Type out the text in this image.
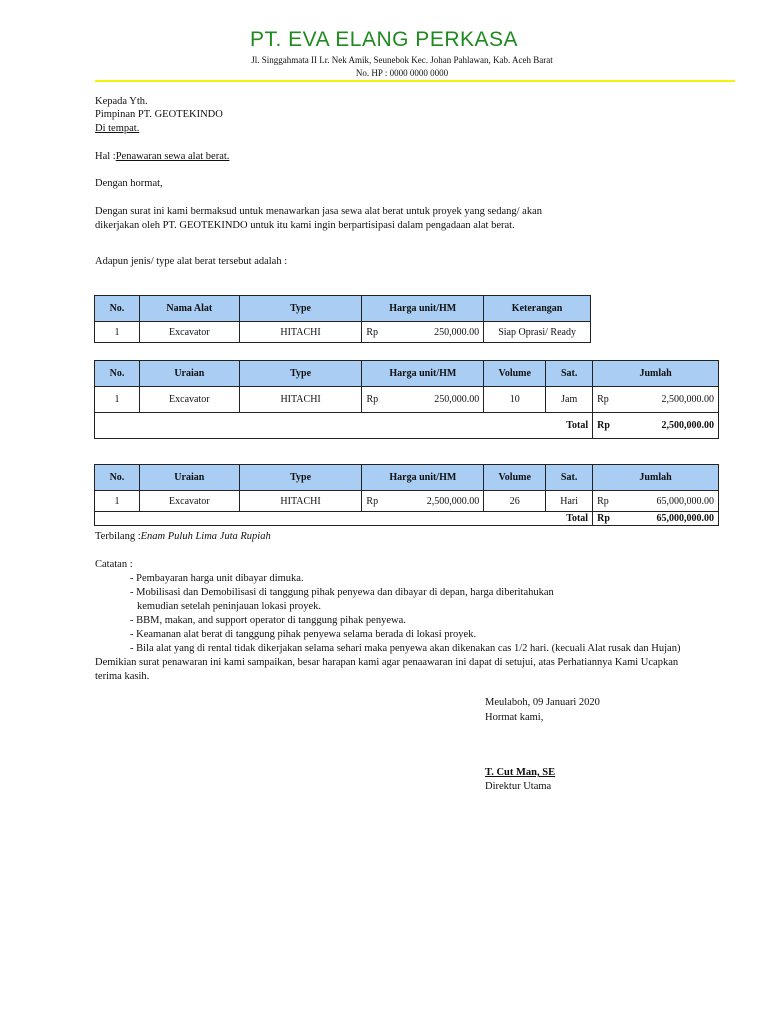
PT. EVA ELANG PERKASA
Jl. Singgahmata II Lr. Nek Amik, Seunebok Kec. Johan Pahlawan, Kab. Aceh Barat
No. HP : 0000 0000 0000
Kepada Yth.
Pimpinan PT. GEOTEKINDO
Di tempat.
Hal :Penawaran sewa alat berat.
Dengan hormat,
Dengan surat ini kami bermaksud untuk menawarkan jasa sewa alat berat untuk proyek yang sedang/ akan
dikerjakan oleh PT. GEOTEKINDO untuk itu kami ingin berpartisipasi dalam pengadaan alat berat.
Adapun jenis/ type alat berat tersebut adalah :
No.	Nama Alat	Type	Harga unit/HM		Keterangan
1	Excavator	HITACHI	Rp	250,000.00	Siap Oprasi/ Ready
No.	Uraian	Type	Harga unit/HM		Volume	Sat.	Jumlah	
1	Excavator	HITACHI	Rp	250,000.00	10	Jam	Rp	2,500,000.00
Total							Rp	2,500,000.00
No.	Uraian	Type	Harga unit/HM		Volume	Sat.	Jumlah	
1	Excavator	HITACHI	Rp	2,500,000.00	26	Hari	Rp	65,000,000.00
Total							Rp	65,000,000.00
Terbilang :Enam Puluh Lima Juta Rupiah
Catatan :
- Pembayaran harga unit dibayar dimuka.
- Mobilisasi dan Demobilisasi di tanggung pihak penyewa dan dibayar di depan, harga diberitahukan
kemudian setelah peninjauan lokasi proyek.
- BBM, makan, and support operator di tanggung pihak penyewa.
- Keamanan alat berat di tanggung pihak penyewa selama berada di lokasi proyek.
- Bila alat yang di rental tidak dikerjakan selama sehari maka penyewa akan dikenakan cas 1/2 hari. (kecuali Alat rusak dan Hujan)
Demikian surat penawaran ini kami sampaikan, besar harapan kami agar penaawaran ini dapat di setujui, atas Perhatiannya Kami Ucapkan
terima kasih.
Meulaboh, 09 Januari 2020
Hormat kami,
T. Cut Man, SE
Direktur Utama
